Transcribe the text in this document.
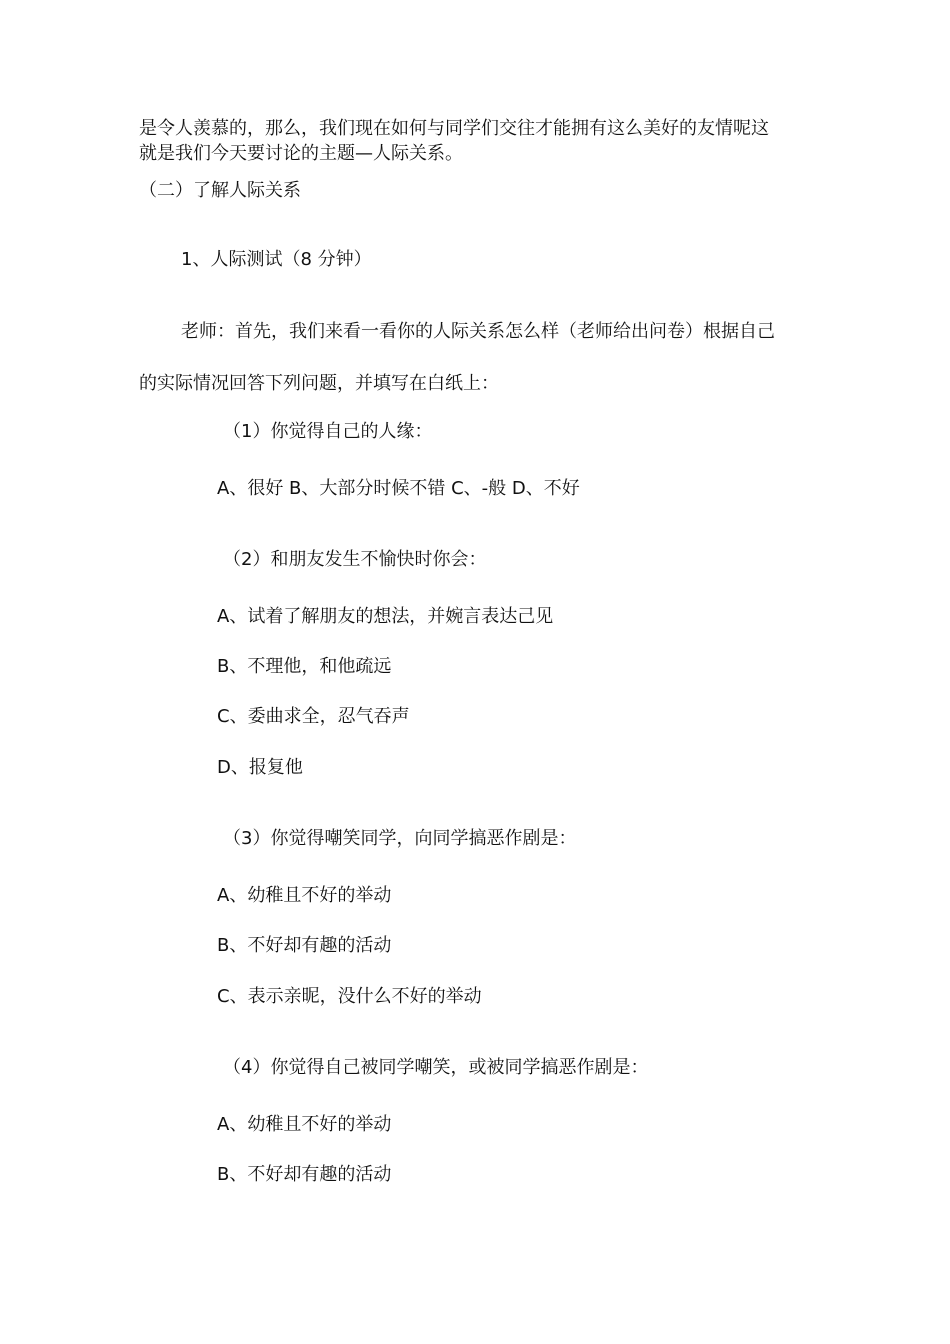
是令人羡慕的，那么，我们现在如何与同学们交往才能拥有这么美好的友情呢这
就是我们今天要讨论的主题—人际关系。
（二）了解人际关系
1、人际测试（8 分钟）
老师：首先，我们来看一看你的人际关系怎么样（老师给出问卷）根据自己
的实际情况回答下列问题，并填写在白纸上：
（1）你觉得自己的人缘：
A、很好 B、大部分时候不错 C、-般 D、不好
（2）和朋友发生不愉快时你会：
A、试着了解朋友的想法，并婉言表达己见
B、不理他，和他疏远
C、委曲求全，忍气吞声
D、报复他
（3）你觉得嘲笑同学，向同学搞恶作剧是：
A、幼稚且不好的举动
B、不好却有趣的活动
C、表示亲昵，没什么不好的举动
（4）你觉得自己被同学嘲笑，或被同学搞恶作剧是：
A、幼稚且不好的举动
B、不好却有趣的活动
